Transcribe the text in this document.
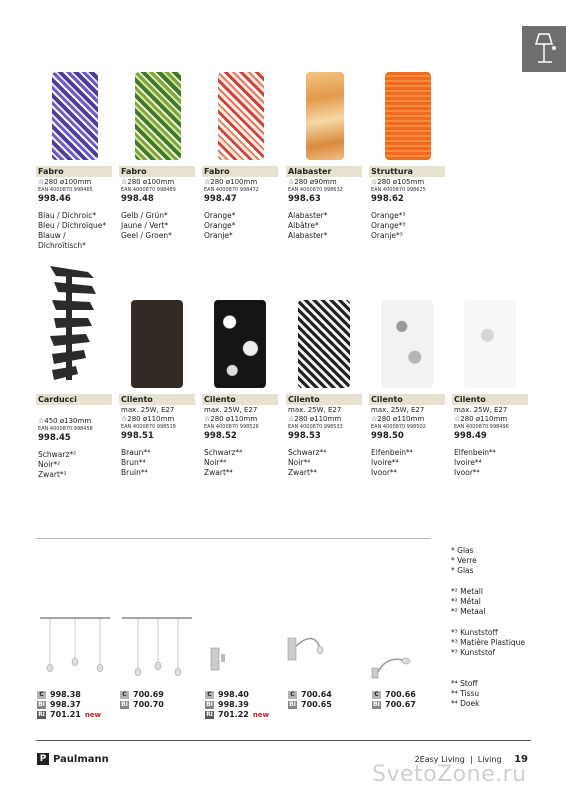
Fabro
☆280 ø100mm
EAN 4000870 998465
998.46
Blau / Dichroic*
Bleu / Dichroïque*
Blauw /
Dichroïtisch*
Fabro
☆280 ø100mm
EAN 4000870 998489
998.48
Gelb / Grün*
Jaune / Vert*
Geel / Groen*
Fabro
☆280 ø100mm
EAN 4000870 998472
998.47
Orange*
Orange*
Oranje*
Alabaster
☆280 ø90mm
EAN 4000870 998632
998.63
Alabaster*
Albâtre*
Alabaster*
Struttura
☆280 ø105mm
EAN 4000870 998625
998.62
Orange*³
Orange*³
Oranje*³
Carducci
☆450 ø130mm
EAN 4000870 998458
998.45
Schwarz*²
Noir*²
Zwart*²
Cilento
max. 25W, E27
☆280 ø110mm
EAN 4000870 998519
998.51
Braun*⁴
Brun*⁴
Bruin*⁴
Cilento
max. 25W, E27
☆280 ø110mm
EAN 4000870 998526
998.52
Schwarz*⁴
Noir*⁴
Zwart*⁴
Cilento
max. 25W, E27
☆280 ø110mm
EAN 4000870 998533
998.53
Schwarz*⁴
Noir*⁴
Zwart*⁴
Cilento
max. 25W, E27
☆280 ø110mm
EAN 4000870 998502
998.50
Elfenbein*⁴
Ivoire*⁴
Ivoor*⁴
Cilento
max. 25W, E27
☆280 ø110mm
EAN 4000870 998496
998.49
Elfenbein*⁴
Ivoire*⁴
Ivoor*⁴
* Glas
* Verre
* Glas
*² Metall
*² Métal
*² Metaal
*³ Kunststoff
*³ Matière Plastique
*³ Kunststof
*⁴ Stoff
*⁴ Tissu
*⁴ Doek
C 998.38
BI 998.37
RI 701.21 new
C 700.69
BI 700.70
C 998.40
BI 998.39
RI 701.22 new
C 700.64
BI 700.65
C 700.66
BI 700.67
P Paulmann	2Easy Living  |  Living 19
SvetoZone.ru
